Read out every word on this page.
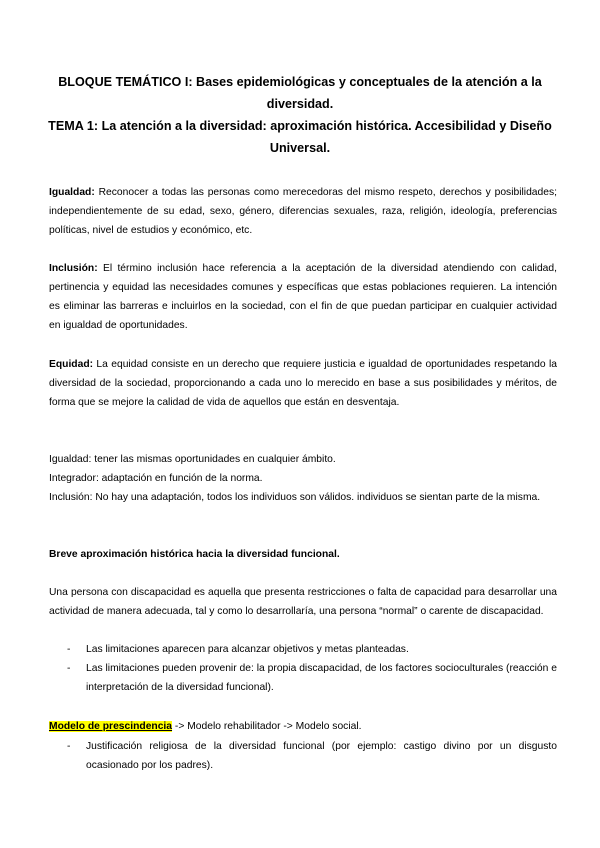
BLOQUE TEMÁTICO I: Bases epidemiológicas y conceptuales de la atención a la diversidad.
TEMA 1: La atención a la diversidad: aproximación histórica. Accesibilidad y Diseño Universal.

Igualdad: Reconocer a todas las personas como merecedoras del mismo respeto, derechos y posibilidades; independientemente de su edad, sexo, género, diferencias sexuales, raza, religión, ideología, preferencias políticas, nivel de estudios y económico, etc.

Inclusión: El término inclusión hace referencia a la aceptación de la diversidad atendiendo con calidad, pertinencia y equidad las necesidades comunes y específicas que estas poblaciones requieren. La intención es eliminar las barreras e incluirlos en la sociedad, con el fin de que puedan participar en cualquier actividad en igualdad de oportunidades.

Equidad: La equidad consiste en un derecho que requiere justicia e igualdad de oportunidades respetando la diversidad de la sociedad, proporcionando a cada uno lo merecido en base a sus posibilidades y méritos, de forma que se mejore la calidad de vida de aquellos que están en desventaja.

Igualdad: tener las mismas oportunidades en cualquier ámbito.

Integrador: adaptación en función de la norma.

Inclusión: No hay una adaptación, todos los individuos son válidos. individuos se sientan parte de la misma.

Breve aproximación histórica hacia la diversidad funcional.

Una persona con discapacidad es aquella que presenta restricciones o falta de capacidad para desarrollar una actividad de manera adecuada, tal y como lo desarrollaría, una persona “normal” o carente de discapacidad.

- Las limitaciones aparecen para alcanzar objetivos y metas planteadas.
- Las limitaciones pueden provenir de: la propia discapacidad, de los factores socioculturales (reacción e interpretación de la diversidad funcional).

Modelo de prescindencia -> Modelo rehabilitador -> Modelo social.

- Justificación religiosa de la diversidad funcional (por ejemplo: castigo divino por un disgusto ocasionado por los padres).
